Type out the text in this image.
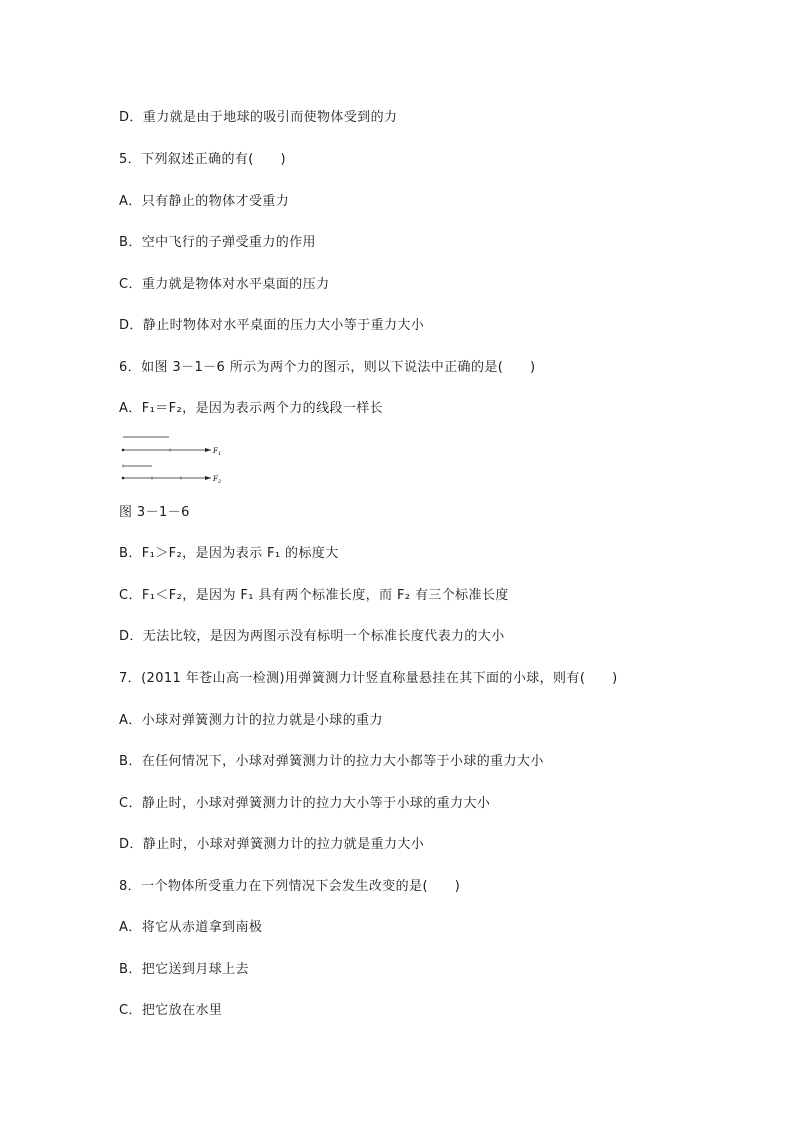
D．重力就是由于地球的吸引而使物体受到的力
5．下列叙述正确的有(　　)
A．只有静止的物体才受重力
B．空中飞行的子弹受重力的作用
C．重力就是物体对水平桌面的压力
D．静止时物体对水平桌面的压力大小等于重力大小
6．如图 3－1－6 所示为两个力的图示，则以下说法中正确的是(　　)
A．F₁＝F₂，是因为表示两个力的线段一样长
F 1
F 2
图 3－1－6
B．F₁＞F₂，是因为表示 F₁ 的标度大
C．F₁＜F₂，是因为 F₁ 具有两个标准长度，而 F₂ 有三个标准长度
D．无法比较，是因为两图示没有标明一个标准长度代表力的大小
7．(2011 年苍山高一检测)用弹簧测力计竖直称量悬挂在其下面的小球，则有(　　)
A．小球对弹簧测力计的拉力就是小球的重力
B．在任何情况下，小球对弹簧测力计的拉力大小都等于小球的重力大小
C．静止时，小球对弹簧测力计的拉力大小等于小球的重力大小
D．静止时，小球对弹簧测力计的拉力就是重力大小
8．一个物体所受重力在下列情况下会发生改变的是(　　)
A．将它从赤道拿到南极
B．把它送到月球上去
C．把它放在水里
